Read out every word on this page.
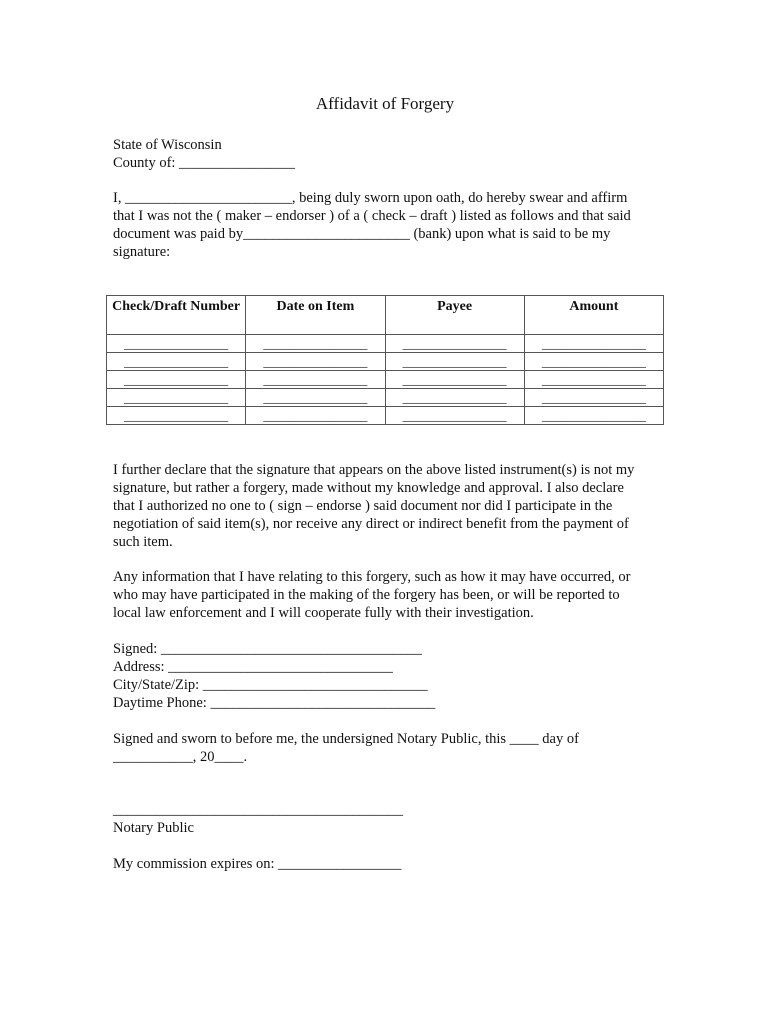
Affidavit of Forgery
State of Wisconsin
County of: ________________
I, _______________________, being duly sworn upon oath, do hereby swear and affirm
that I was not the ( maker – endorser ) of a ( check – draft ) listed as follows and that said
document was paid by_______________________ (bank) upon what is said to be my
signature:
Check/Draft Number	Date on Item	Payee	Amount
________________	________________	________________	________________
________________	________________	________________	________________
________________	________________	________________	________________
________________	________________	________________	________________
________________	________________	________________	________________
I further declare that the signature that appears on the above listed instrument(s) is not my
signature, but rather a forgery, made without my knowledge and approval. I also declare
that I authorized no one to ( sign – endorse ) said document nor did I participate in the
negotiation of said item(s), nor receive any direct or indirect benefit from the payment of
such item.
Any information that I have relating to this forgery, such as how it may have occurred, or
who may have participated in the making of the forgery has been, or will be reported to
local law enforcement and I will cooperate fully with their investigation.
Signed: ____________________________________
Address: _______________________________
City/State/Zip: _______________________________
Daytime Phone: _______________________________
Signed and sworn to before me, the undersigned Notary Public, this ____ day of
___________, 20____.
________________________________________
Notary Public
My commission expires on: _________________
